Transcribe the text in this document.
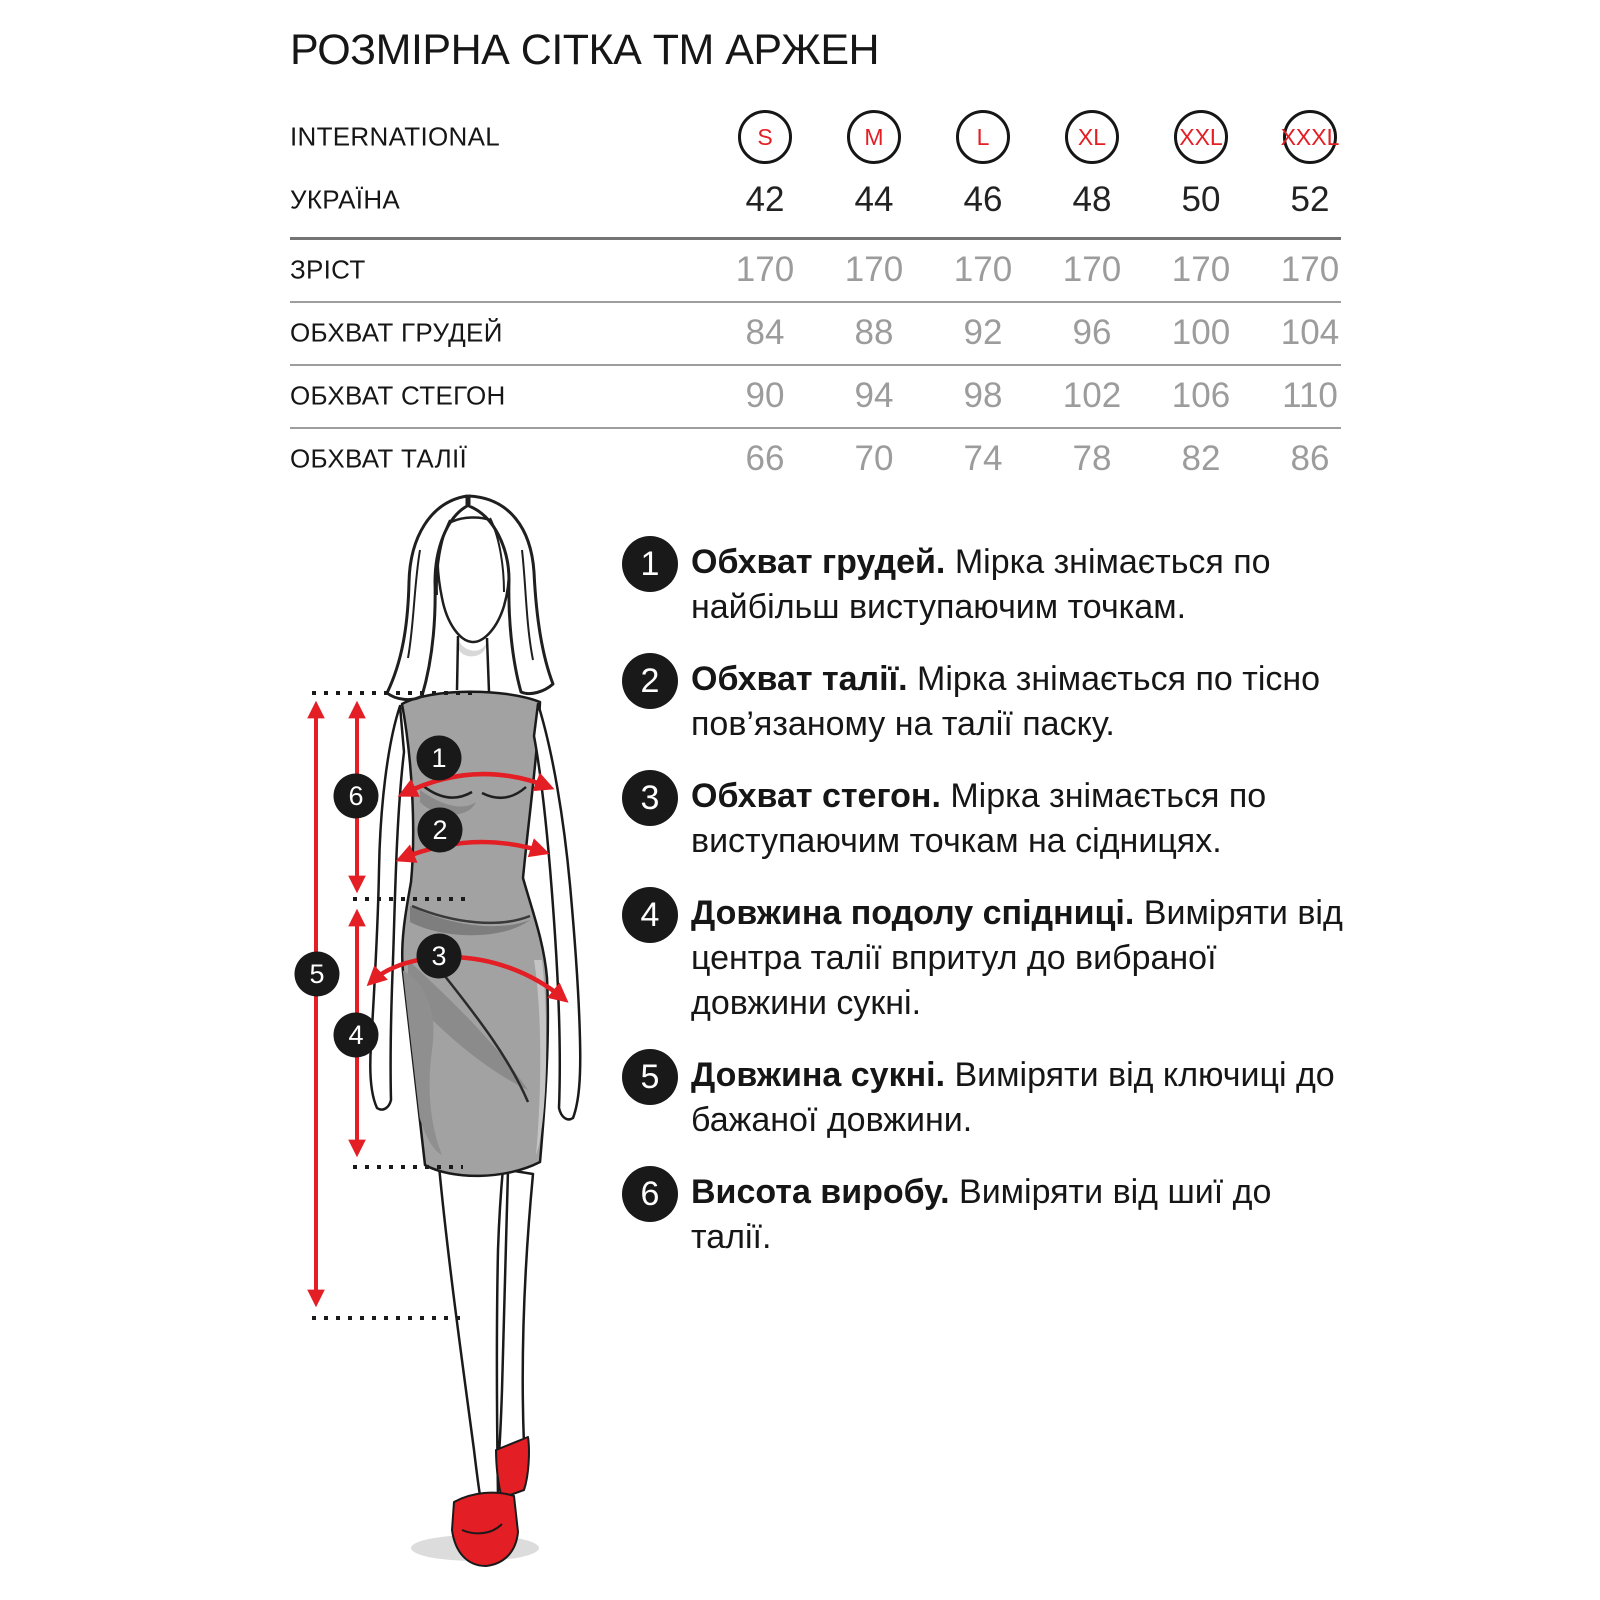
РОЗМІРНА СІТКА ТМ АРЖЕН
INTERNATIONAL	S	M	L	XL	XXL	XXXL
УКРАЇНА	42	44	46	48	50	52
ЗРІСТ	170	170	170	170	170	170
ОБХВАТ ГРУДЕЙ	84	88	92	96	100	104
ОБХВАТ СТЕГОН	90	94	98	102	106	110
ОБХВАТ ТАЛІЇ	66	70	74	78	82	86
1
2
3
4
5
6
1 Обхват грудей. Мірка знімається по найбільш виступаючим точкам.
2 Обхват талії. Мірка знімається по тісно пов’язаному на талії паску.
3 Обхват стегон. Мірка знімається по виступаючим точкам на сідницях.
4 Довжина подолу спідниці. Виміряти від центра талії впритул до вибраної довжини сукні.
5 Довжина сукні. Виміряти від ключиці до бажаної довжини.
6 Висота виробу. Виміряти від шиї до талії.
